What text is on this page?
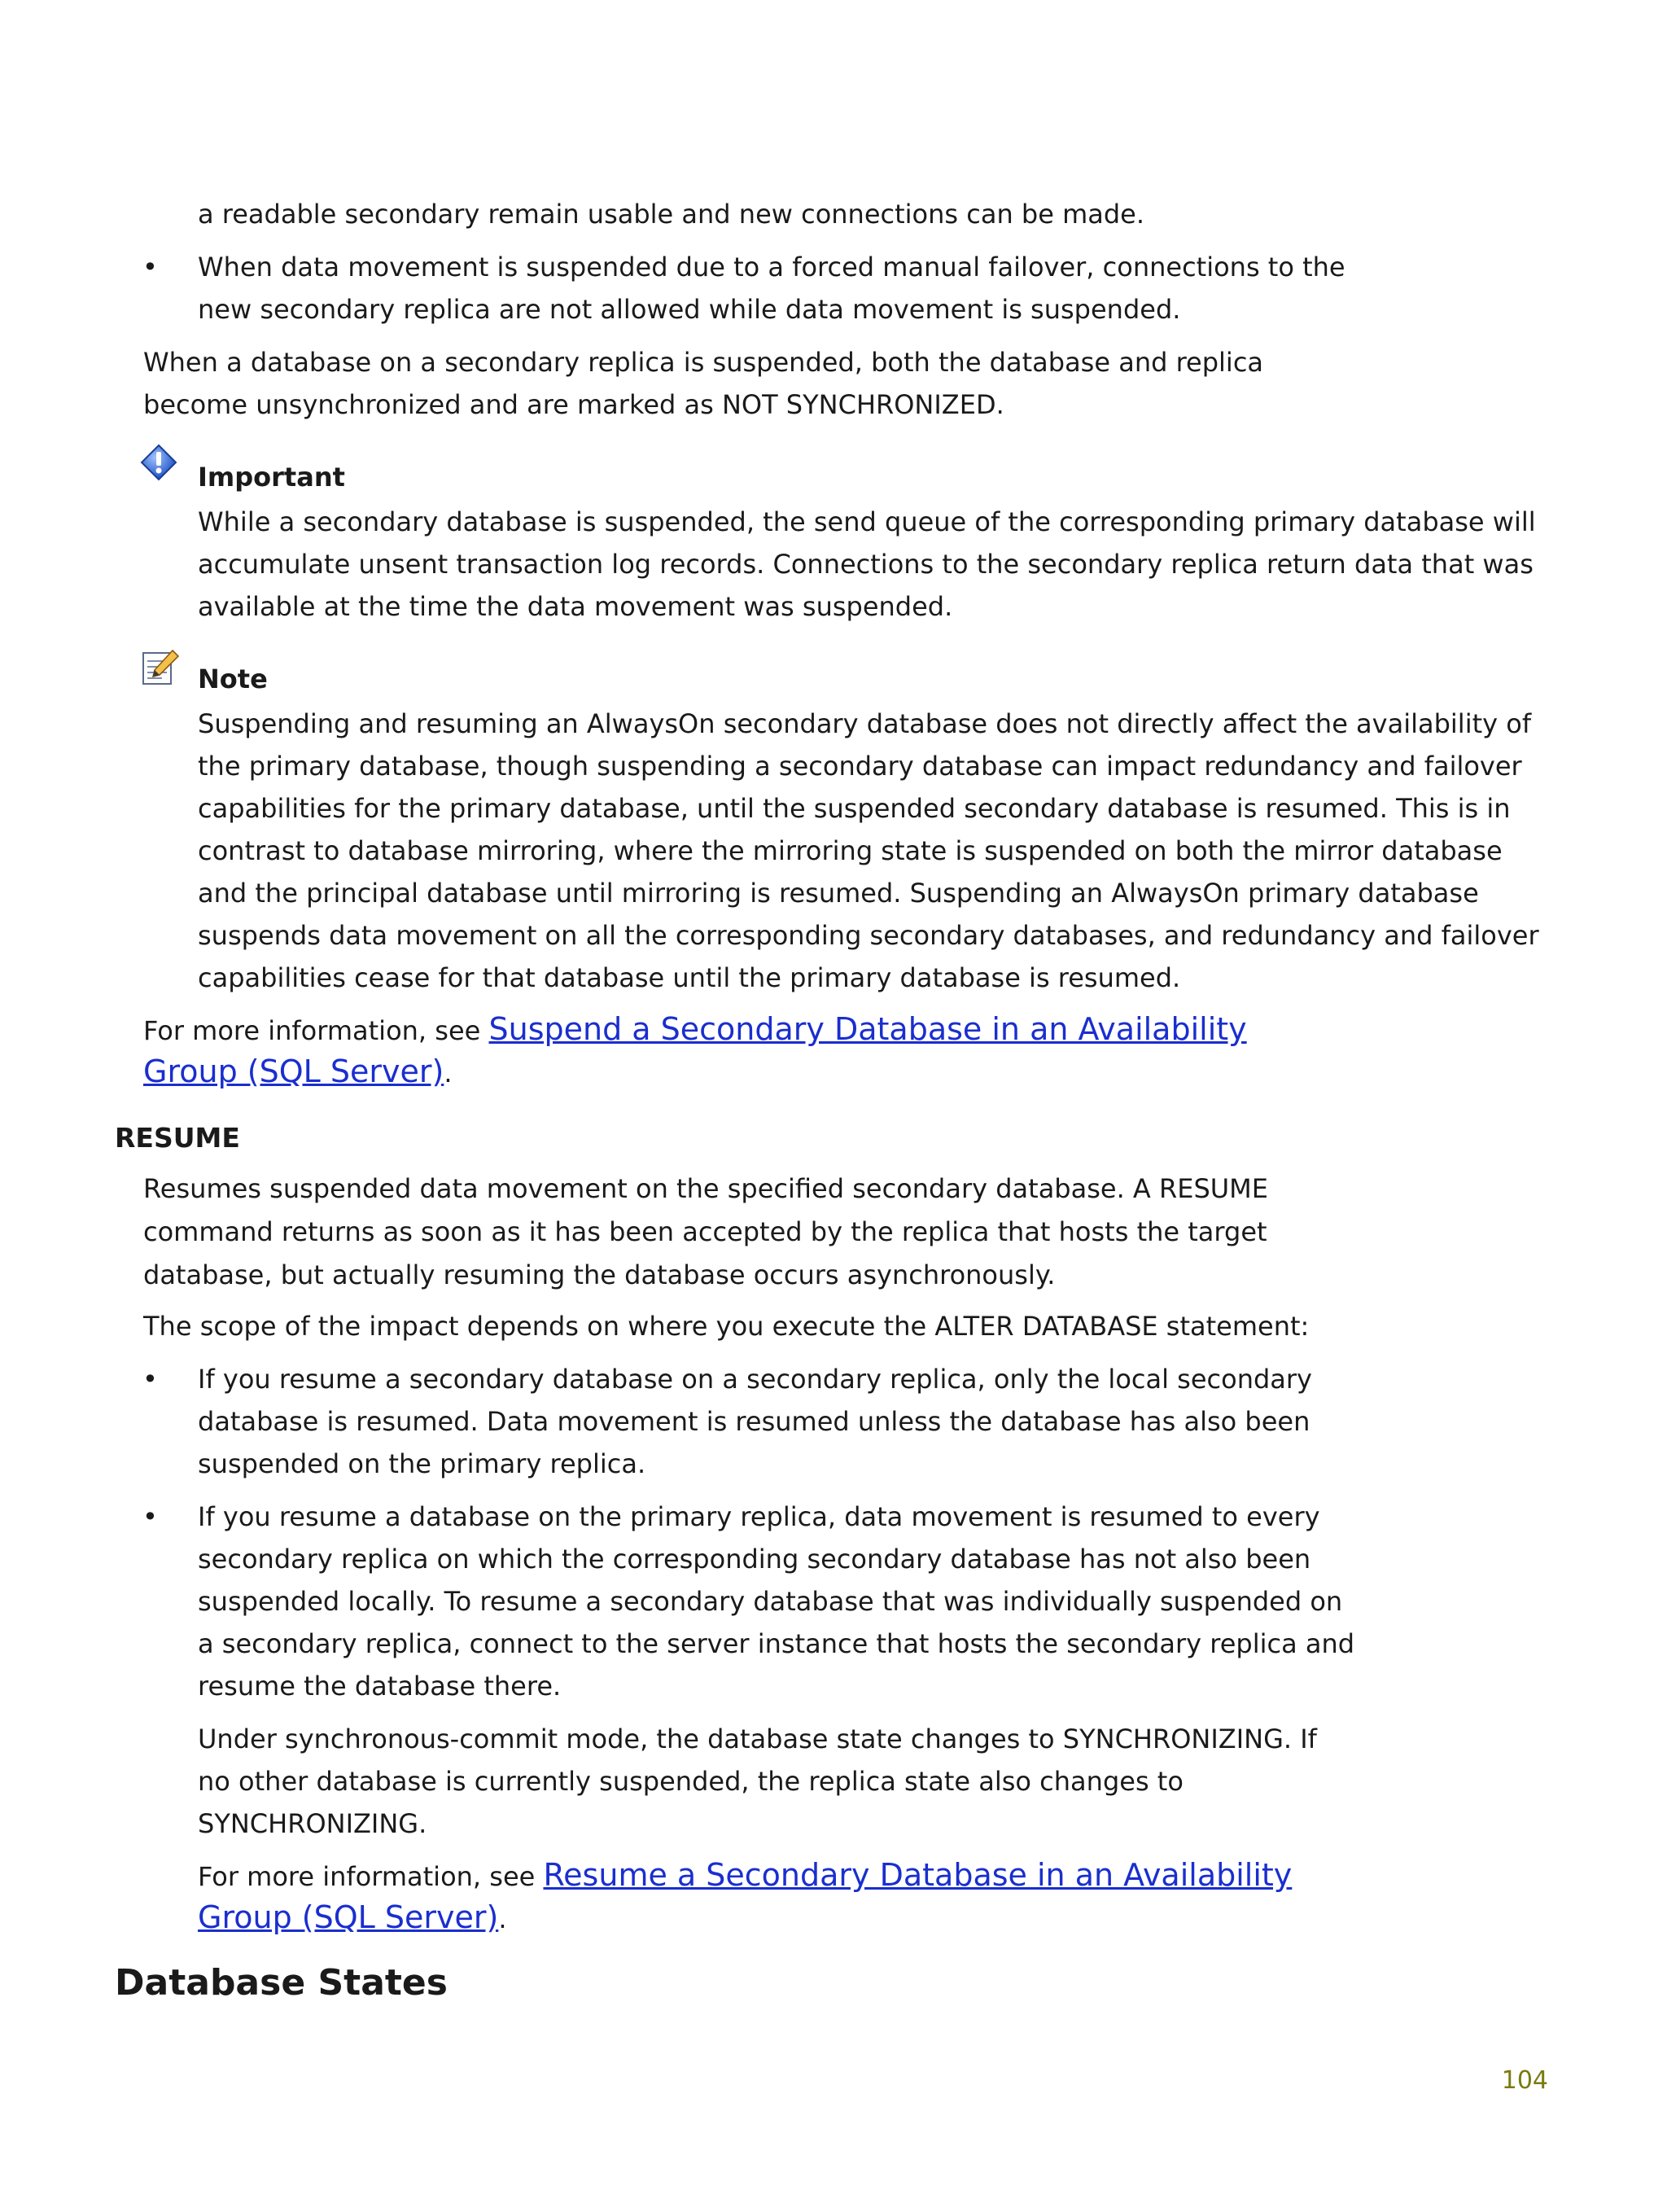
a readable secondary remain usable and new connections can be made.

• When data movement is suspended due to a forced manual failover, connections to the

new secondary replica are not allowed while data movement is suspended.

When a database on a secondary replica is suspended, both the database and replica

become unsynchronized and are marked as NOT SYNCHRONIZED.

Important

While a secondary database is suspended, the send queue of the corresponding primary database will

accumulate unsent transaction log records. Connections to the secondary replica return data that was

available at the time the data movement was suspended.

Note

Suspending and resuming an AlwaysOn secondary database does not directly affect the availability of

the primary database, though suspending a secondary database can impact redundancy and failover

capabilities for the primary database, until the suspended secondary database is resumed. This is in

contrast to database mirroring, where the mirroring state is suspended on both the mirror database

and the principal database until mirroring is resumed. Suspending an AlwaysOn primary database

suspends data movement on all the corresponding secondary databases, and redundancy and failover

capabilities cease for that database until the primary database is resumed.

For more information, see Suspend a Secondary Database in an Availability

Group (SQL Server).

RESUME

Resumes suspended data movement on the specified secondary database. A RESUME

command returns as soon as it has been accepted by the replica that hosts the target

database, but actually resuming the database occurs asynchronously.

The scope of the impact depends on where you execute the ALTER DATABASE statement:

• If you resume a secondary database on a secondary replica, only the local secondary

database is resumed. Data movement is resumed unless the database has also been

suspended on the primary replica.

• If you resume a database on the primary replica, data movement is resumed to every

secondary replica on which the corresponding secondary database has not also been

suspended locally. To resume a secondary database that was individually suspended on

a secondary replica, connect to the server instance that hosts the secondary replica and

resume the database there.

Under synchronous-commit mode, the database state changes to SYNCHRONIZING. If

no other database is currently suspended, the replica state also changes to

SYNCHRONIZING.

For more information, see Resume a Secondary Database in an Availability

Group (SQL Server).

Database States

104
